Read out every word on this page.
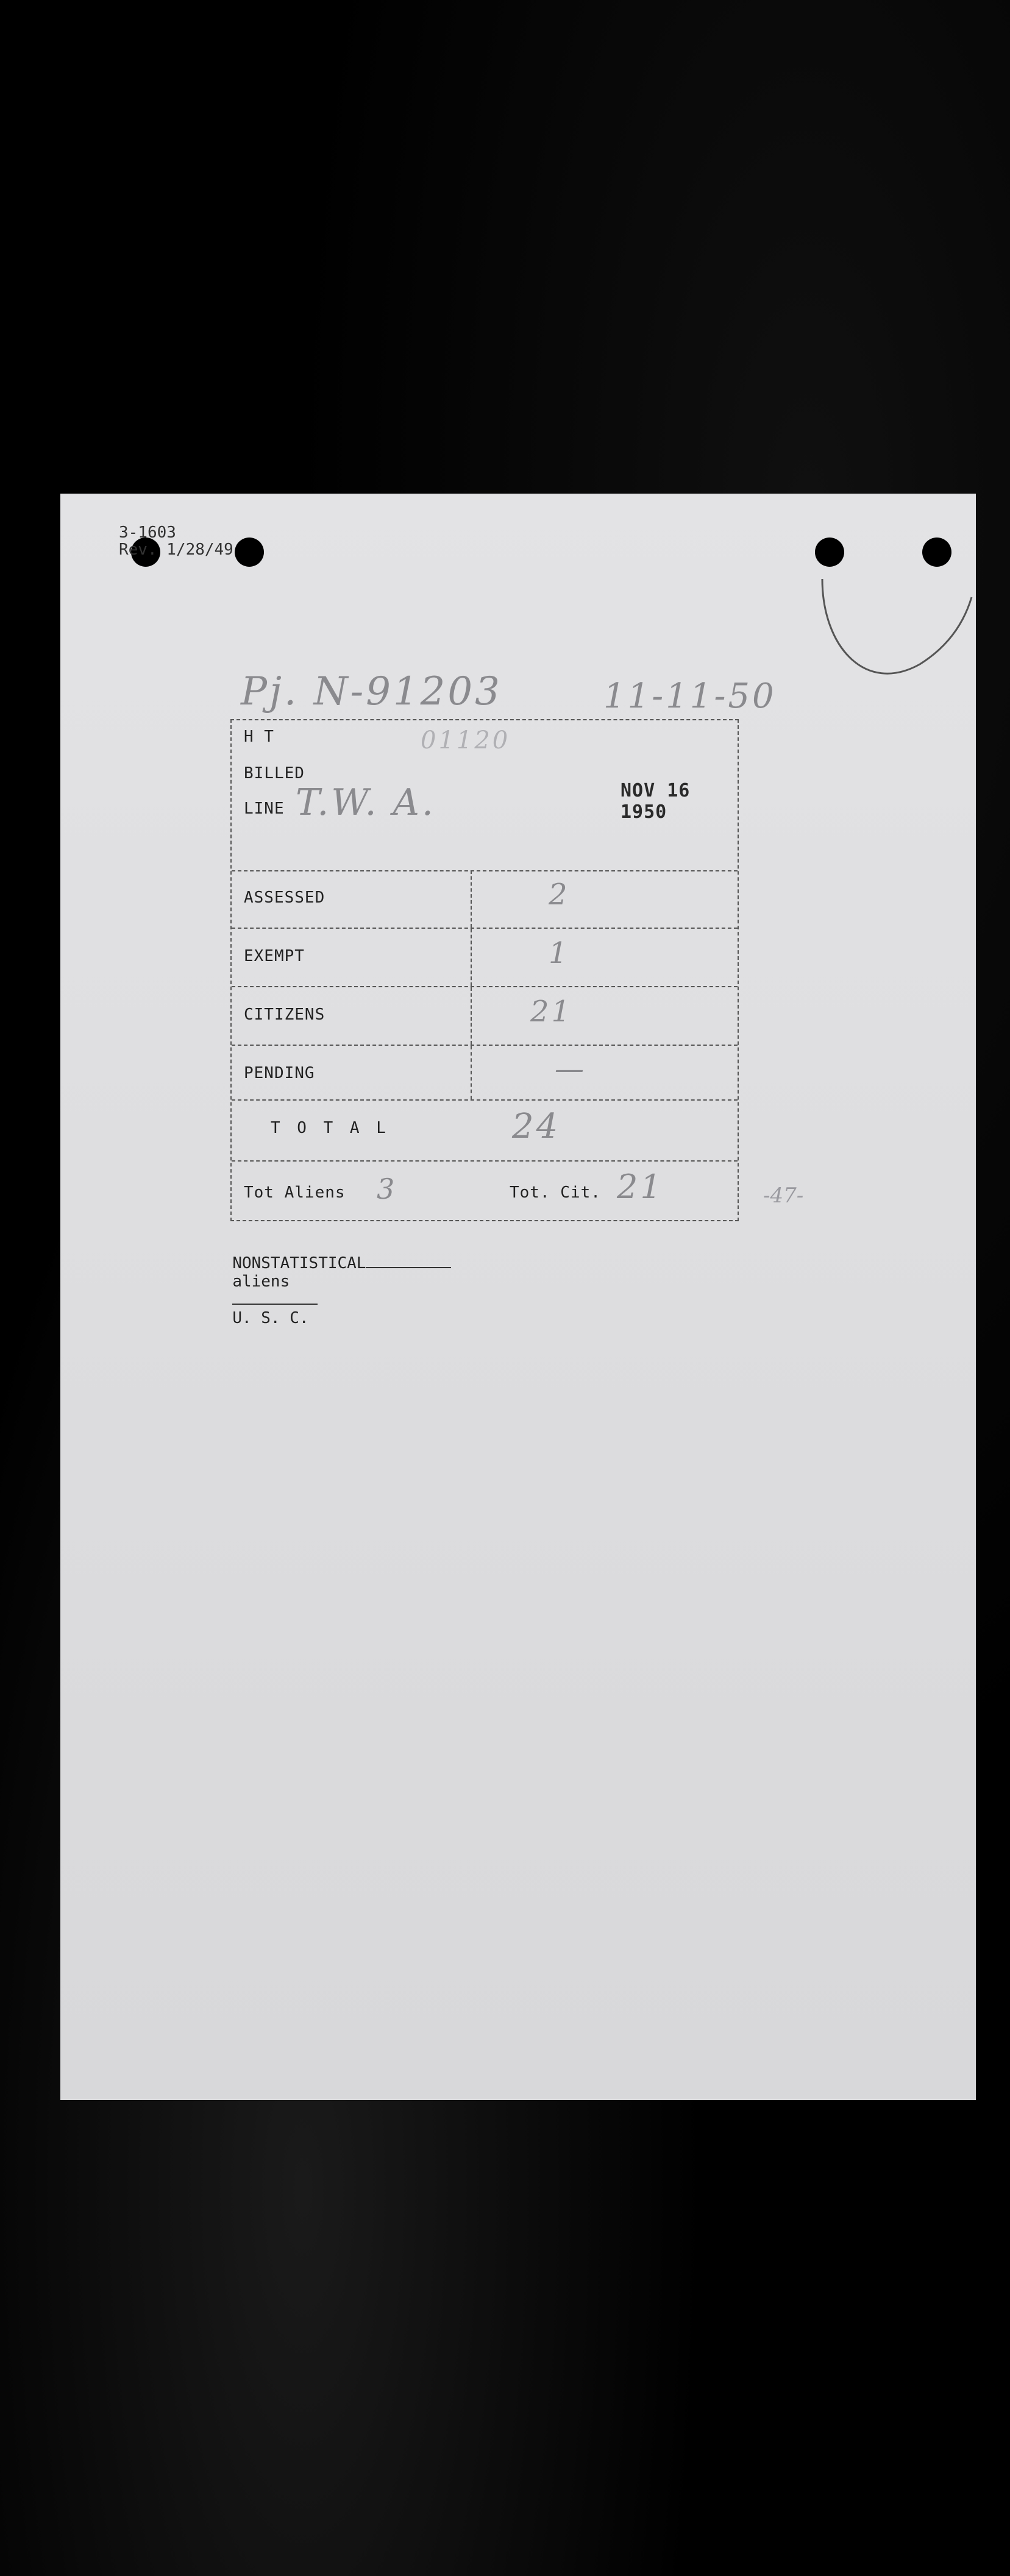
3-1603
Rev. 1/28/49
Pj. N-91203	11-11-50
H T	01120
BILLED
LINE T.W. A.	NOV 16 1950
ASSESSED	2
EXEMPT	1
CITIZENS	21
PENDING	—
T O T A L	24
Tot Aliens 3	Tot. Cit. 21	-47-

NONSTATISTICAL
aliens

U. S. C.
